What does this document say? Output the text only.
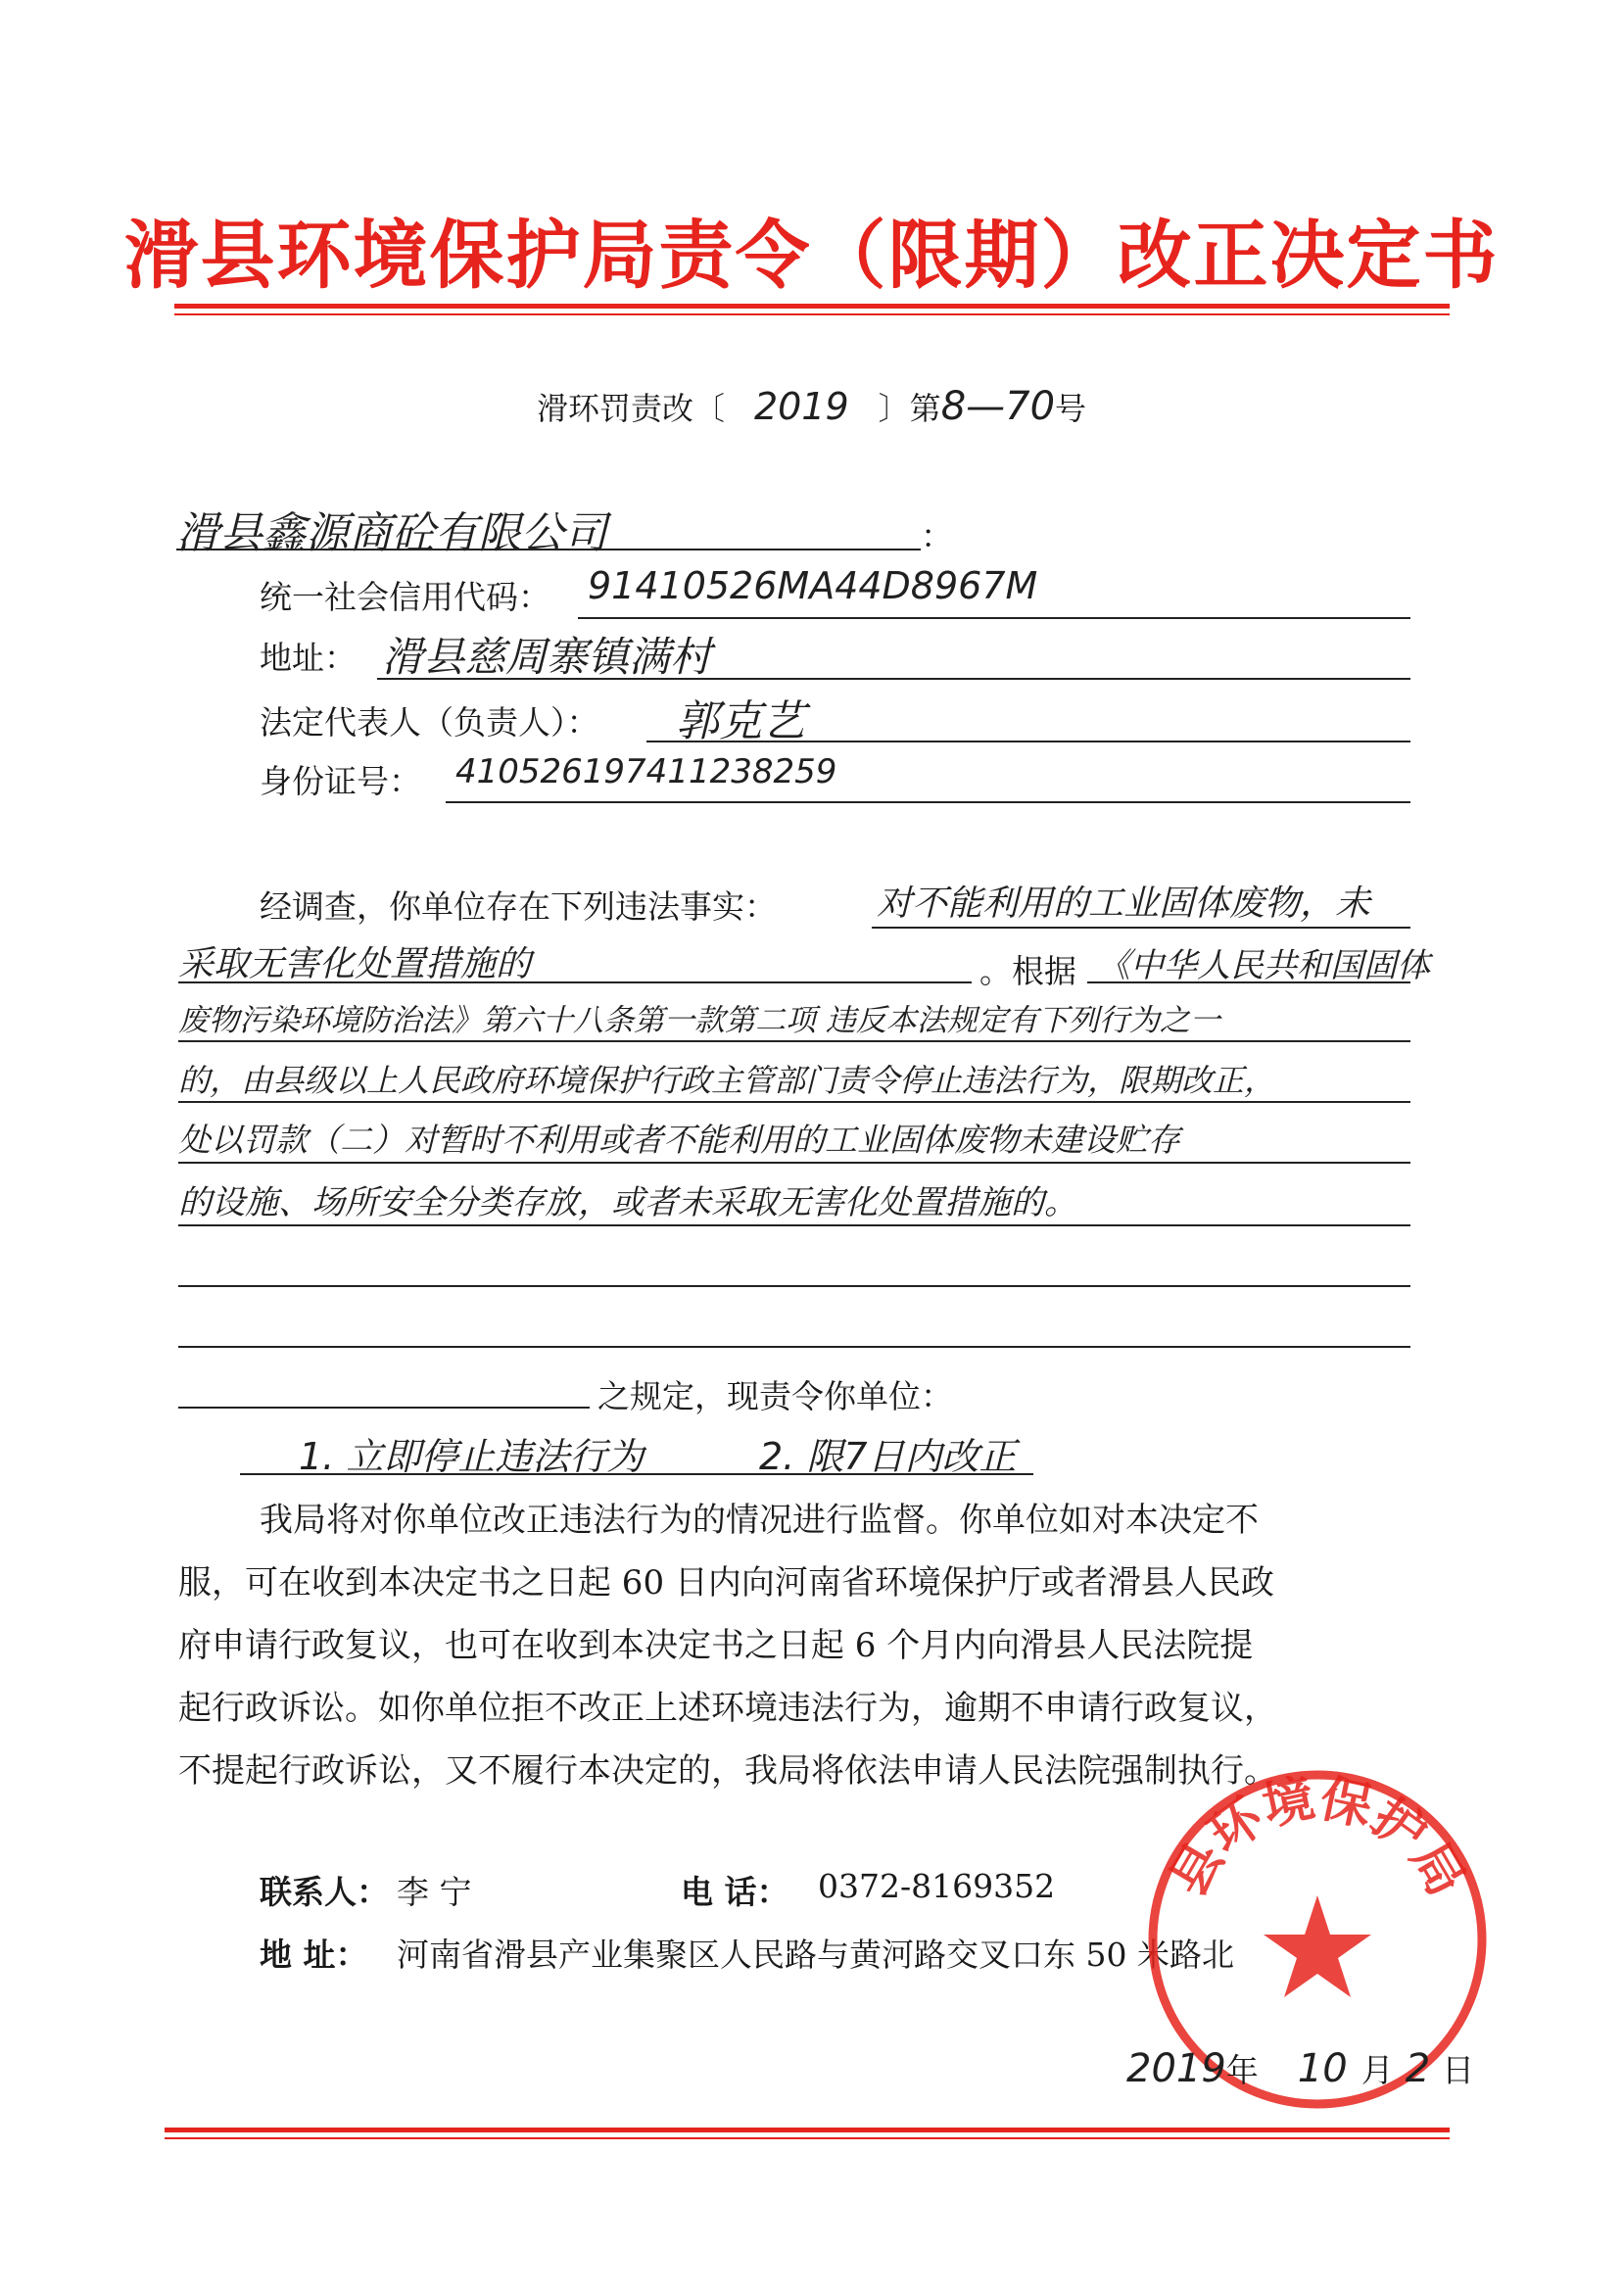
滑县环境保护局责令（限期）改正决定书
滑环罚责改〔 2019 〕第8—70号
滑县鑫源商砼有限公司	：
统一社会信用代码： 91410526MA44D8967M
地址： 滑县慈周寨镇满村
法定代表人（负责人）： 郭克艺
身份证号： 410526197411238259
经调查，你单位存在下列违法事实：	对不能利用的工业固体废物，未
采取无害化处置措施的	。根据 《中华人民共和国固体
废物污染环境防治法》第六十八条第一款第二项 违反本法规定有下列行为之一
的，由县级以上人民政府环境保护行政主管部门责令停止违法行为，限期改正，
处以罚款（二）对暂时不利用或者不能利用的工业固体废物未建设贮存
的设施、场所安全分类存放，或者未采取无害化处置措施的。
之规定，现责令你单位：
1. 立即停止违法行为	2. 限7日内改正
我局将对你单位改正违法行为的情况进行监督。你单位如对本决定不
服，可在收到本决定书之日起 60 日内向河南省环境保护厅或者滑县人民政
府申请行政复议，也可在收到本决定书之日起 6 个月内向滑县人民法院提
起行政诉讼。如你单位拒不改正上述环境违法行为，逾期不申请行政复议，
不提起行政诉讼，又不履行本决定的，我局将依法申请人民法院强制执行。
联系人： 李 宁	电 话： 0372-8169352
地 址： 河南省滑县产业集聚区人民路与黄河路交叉口东 50 米路北
县环境保护局
2019年 10 月 2 日
